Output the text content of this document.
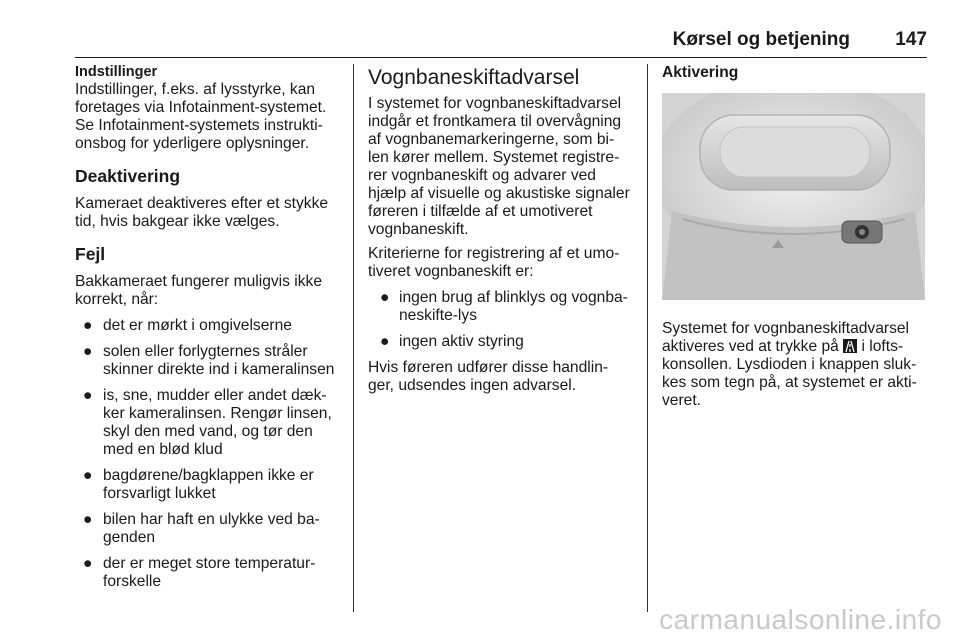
Kørsel og betjening 147
Indstillinger

Indstillinger, f.eks. af lysstyrke, kan foretages via Infotainment-systemet. Se Infotainment-systemets instrukti-onsbog for yderligere oplysninger.

Deaktivering

Kameraet deaktiveres efter et stykke tid, hvis bakgear ikke vælges.

Fejl

Bakkameraet fungerer muligvis ikke korrekt, når:

● det er mørkt i omgivelserne
● solen eller forlygternes stråler skinner direkte ind i kameralinsen
● is, sne, mudder eller andet dæk-ker kameralinsen. Rengør linsen, skyl den med vand, og tør den med en blød klud
● bagdørene/bagklappen ikke er forsvarligt lukket
● bilen har haft en ulykke ved ba-genden
● der er meget store temperatur-forskelle
Vognbaneskiftadvarsel

I systemet for vognbaneskiftadvarsel indgår et frontkamera til overvågning af vognbanemarkeringerne, som bi-len kører mellem. Systemet registre-rer vognbaneskift og advarer ved hjælp af visuelle og akustiske signaler føreren i tilfælde af et umotiveret vognbaneskift.

Kriterierne for registrering af et umo-tiveret vognbaneskift er:

● ingen brug af blinklys og vognba-neskifte-lys
● ingen aktiv styring

Hvis føreren udfører disse handlin-ger, udsendes ingen advarsel.

Aktivering

Systemet for vognbaneskiftadvarsel aktiveres ved at trykke på i lofts-konsollen. Lysdioden i knappen sluk-kes som tegn på, at systemet er akti-veret.

carmanualsonline.info
